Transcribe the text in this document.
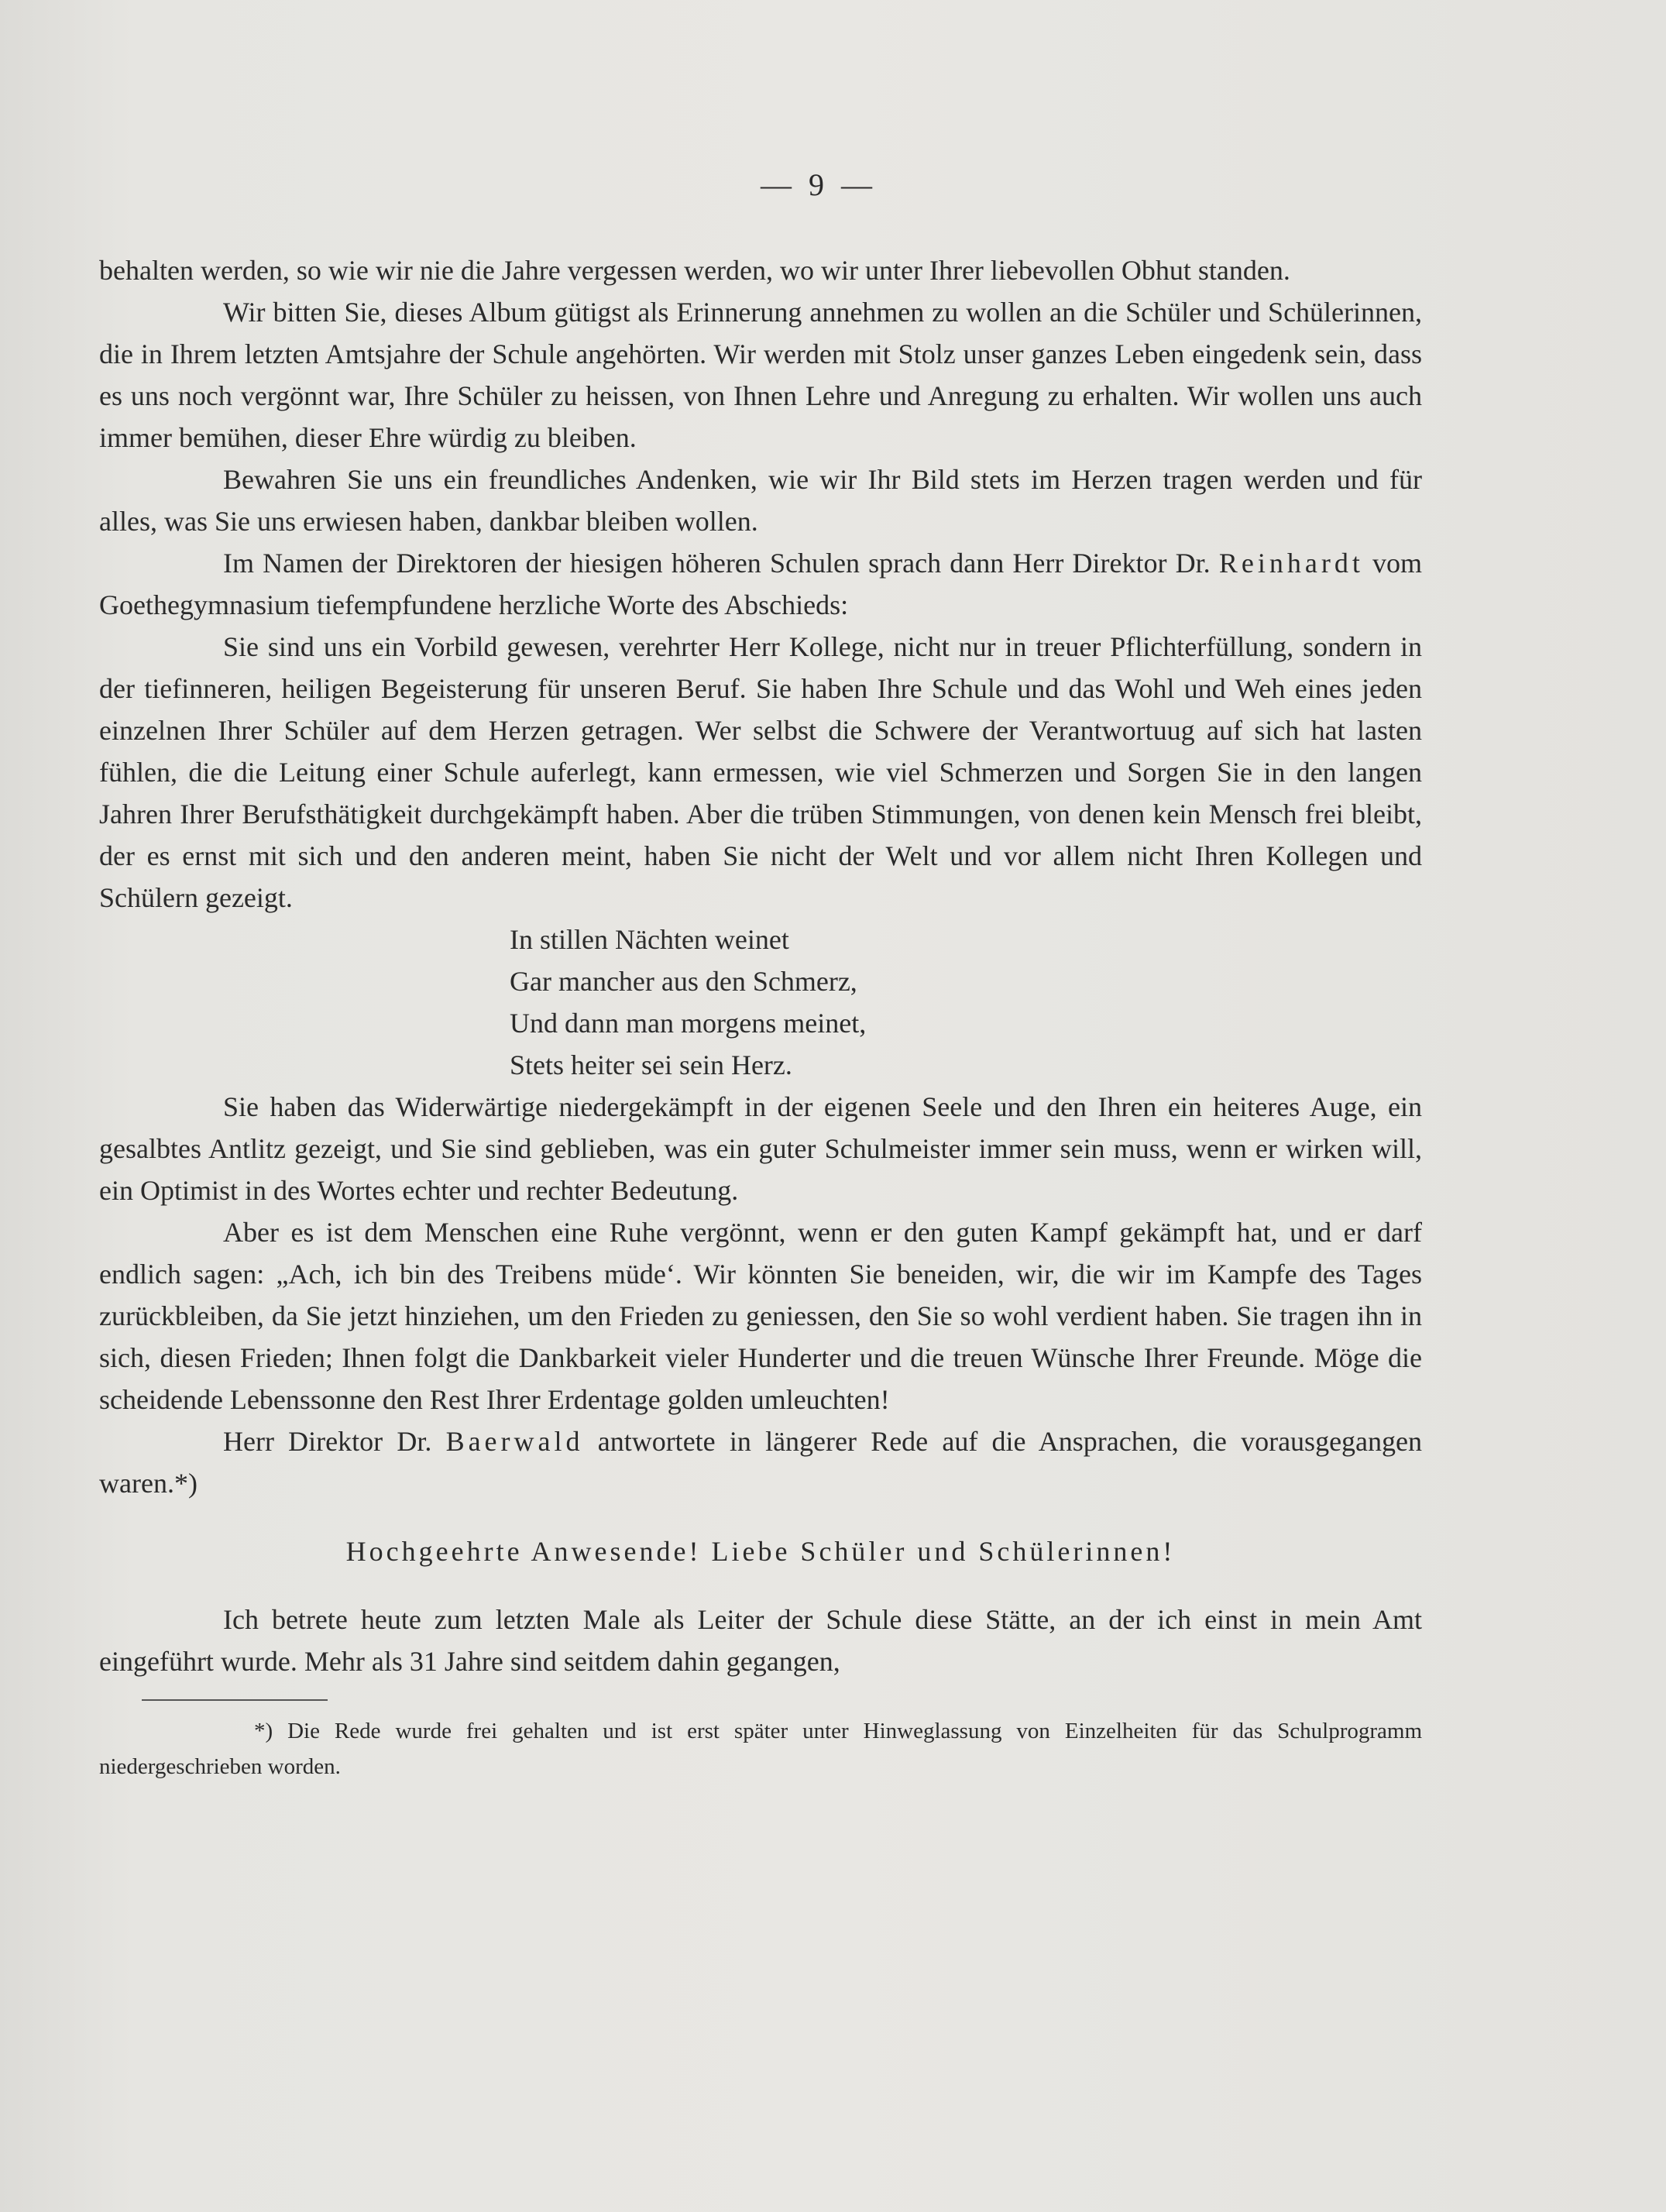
— 9 —

behalten werden, so wie wir nie die Jahre vergessen werden, wo wir unter Ihrer liebevollen Obhut standen.

Wir bitten Sie, dieses Album gütigst als Erinnerung annehmen zu wollen an die Schüler und Schülerinnen, die in Ihrem letzten Amtsjahre der Schule angehörten. Wir werden mit Stolz unser ganzes Leben eingedenk sein, dass es uns noch vergönnt war, Ihre Schüler zu heissen, von Ihnen Lehre und Anregung zu erhalten. Wir wollen uns auch immer bemühen, dieser Ehre würdig zu bleiben.

Bewahren Sie uns ein freundliches Andenken, wie wir Ihr Bild stets im Herzen tragen werden und für alles, was Sie uns erwiesen haben, dankbar bleiben wollen.

Im Namen der Direktoren der hiesigen höheren Schulen sprach dann Herr Direktor Dr. Reinhardt vom Goethegymnasium tiefempfundene herzliche Worte des Abschieds:

Sie sind uns ein Vorbild gewesen, verehrter Herr Kollege, nicht nur in treuer Pflichterfüllung, sondern in der tiefinneren, heiligen Begeisterung für unseren Beruf. Sie haben Ihre Schule und das Wohl und Weh eines jeden einzelnen Ihrer Schüler auf dem Herzen getragen. Wer selbst die Schwere der Verantwortuug auf sich hat lasten fühlen, die die Leitung einer Schule auferlegt, kann ermessen, wie viel Schmerzen und Sorgen Sie in den langen Jahren Ihrer Berufsthätigkeit durchgekämpft haben. Aber die trüben Stimmungen, von denen kein Mensch frei bleibt, der es ernst mit sich und den anderen meint, haben Sie nicht der Welt und vor allem nicht Ihren Kollegen und Schülern gezeigt.

In stillen Nächten weinet
Gar mancher aus den Schmerz,
Und dann man morgens meinet,
Stets heiter sei sein Herz.

Sie haben das Widerwärtige niedergekämpft in der eigenen Seele und den Ihren ein heiteres Auge, ein gesalbtes Antlitz gezeigt, und Sie sind geblieben, was ein guter Schulmeister immer sein muss, wenn er wirken will, ein Optimist in des Wortes echter und rechter Bedeutung.

Aber es ist dem Menschen eine Ruhe vergönnt, wenn er den guten Kampf gekämpft hat, und er darf endlich sagen: „Ach, ich bin des Treibens müde‘. Wir könnten Sie beneiden, wir, die wir im Kampfe des Tages zurückbleiben, da Sie jetzt hinziehen, um den Frieden zu geniessen, den Sie so wohl verdient haben. Sie tragen ihn in sich, diesen Frieden; Ihnen folgt die Dankbarkeit vieler Hunderter und die treuen Wünsche Ihrer Freunde. Möge die scheidende Lebenssonne den Rest Ihrer Erdentage golden umleuchten!

Herr Direktor Dr. Baerwald antwortete in längerer Rede auf die Ansprachen, die vorausgegangen waren.*)

Hochgeehrte Anwesende! Liebe Schüler und Schülerinnen!

Ich betrete heute zum letzten Male als Leiter der Schule diese Stätte, an der ich einst in mein Amt eingeführt wurde. Mehr als 31 Jahre sind seitdem dahin gegangen,

*) Die Rede wurde frei gehalten und ist erst später unter Hinweglassung von Einzelheiten für das Schulprogramm niedergeschrieben worden.
